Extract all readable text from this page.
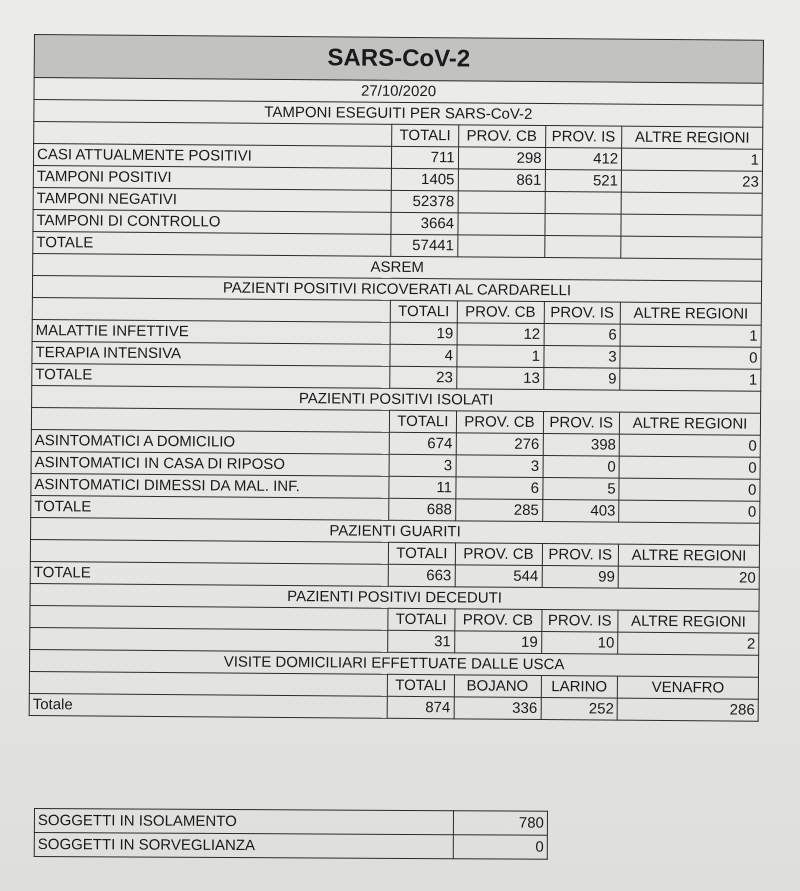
SARS-CoV-2				
27/10/2020				
TAMPONI ESEGUITI PER SARS-CoV-2				
	TOTALI	PROV. CB	PROV. IS	ALTRE REGIONI
CASI ATTUALMENTE POSITIVI	711	298	412	1
TAMPONI POSITIVI	1405	861	521	23
TAMPONI NEGATIVI	52378			
TAMPONI DI CONTROLLO	3664			
TOTALE	57441			
ASREM				
PAZIENTI POSITIVI RICOVERATI AL CARDARELLI				
	TOTALI	PROV. CB	PROV. IS	ALTRE REGIONI
MALATTIE INFETTIVE	19	12	6	1
TERAPIA INTENSIVA	4	1	3	0
TOTALE	23	13	9	1
PAZIENTI POSITIVI ISOLATI				
	TOTALI	PROV. CB	PROV. IS	ALTRE REGIONI
ASINTOMATICI A DOMICILIO	674	276	398	0
ASINTOMATICI IN CASA DI RIPOSO	3	3	0	0
ASINTOMATICI DIMESSI DA MAL. INF.	11	6	5	0
TOTALE	688	285	403	0
PAZIENTI GUARITI				
	TOTALI	PROV. CB	PROV. IS	ALTRE REGIONI
TOTALE	663	544	99	20
PAZIENTI POSITIVI DECEDUTI				
	TOTALI	PROV. CB	PROV. IS	ALTRE REGIONI
	31	19	10	2
VISITE DOMICILIARI EFFETTUATE DALLE USCA				
	TOTALI	BOJANO	LARINO	VENAFRO
Totale	874	336	252	286
SOGGETTI IN ISOLAMENTO	780
SOGGETTI IN SORVEGLIANZA	0
